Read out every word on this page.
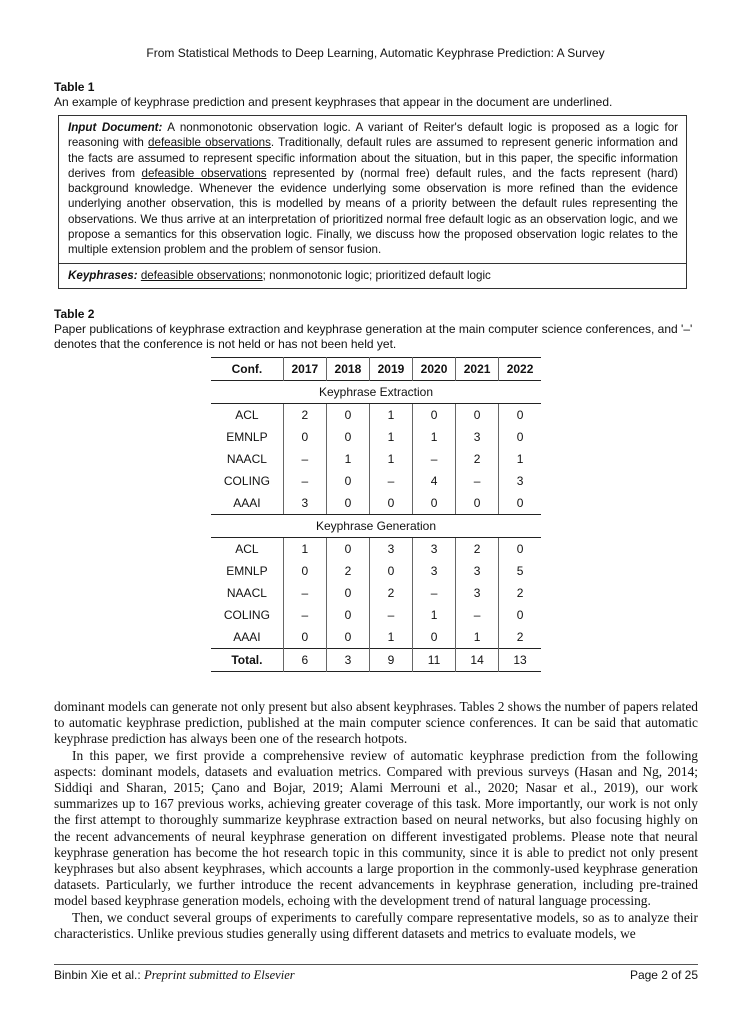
From Statistical Methods to Deep Learning, Automatic Keyphrase Prediction: A Survey
Table 1
An example of keyphrase prediction and present keyphrases that appear in the document are underlined.
Input Document: A nonmonotonic observation logic. A variant of Reiter's default logic is proposed as a logic for reasoning with defeasible observations. Traditionally, default rules are assumed to represent generic information and the facts are assumed to represent specific information about the situation, but in this paper, the specific information derives from defeasible observations represented by (normal free) default rules, and the facts represent (hard) background knowledge. Whenever the evidence underlying some observation is more refined than the evidence underlying another observation, this is modelled by means of a priority between the default rules representing the observations. We thus arrive at an interpretation of prioritized normal free default logic as an observation logic, and we propose a semantics for this observation logic. Finally, we discuss how the proposed observation logic relates to the multiple extension problem and the problem of sensor fusion.
Keyphrases: defeasible observations; nonmonotonic logic; prioritized default logic
Table 2
Paper publications of keyphrase extraction and keyphrase generation at the main computer science conferences, and '–' denotes that the conference is not held or has not been held yet.
Conf.	2017	2018	2019	2020	2021	2022
Keyphrase Extraction						
ACL	2	0	1	0	0	0
EMNLP	0	0	1	1	3	0
NAACL	–	1	1	–	2	1
COLING	–	0	–	4	–	3
AAAI	3	0	0	0	0	0
Keyphrase Generation						
ACL	1	0	3	3	2	0
EMNLP	0	2	0	3	3	5
NAACL	–	0	2	–	3	2
COLING	–	0	–	1	–	0
AAAI	0	0	1	0	1	2
Total.	6	3	9	11	14	13

dominant models can generate not only present but also absent keyphrases. Tables 2 shows the number of papers related to automatic keyphrase prediction, published at the main computer science conferences. It can be said that automatic keyphrase prediction has always been one of the research hotpots.

In this paper, we first provide a comprehensive review of automatic keyphrase prediction from the following aspects: dominant models, datasets and evaluation metrics. Compared with previous surveys (Hasan and Ng, 2014; Siddiqi and Sharan, 2015; Çano and Bojar, 2019; Alami Merrouni et al., 2020; Nasar et al., 2019), our work summarizes up to 167 previous works, achieving greater coverage of this task. More importantly, our work is not only the first attempt to thoroughly summarize keyphrase extraction based on neural networks, but also focusing highly on the recent advancements of neural keyphrase generation on different investigated problems. Please note that neural keyphrase generation has become the hot research topic in this community, since it is able to predict not only present keyphrases but also absent keyphrases, which accounts a large proportion in the commonly-used keyphrase generation datasets. Particularly, we further introduce the recent advancements in keyphrase generation, including pre-trained model based keyphrase generation models, echoing with the development trend of natural language processing.

Then, we conduct several groups of experiments to carefully compare representative models, so as to analyze their characteristics. Unlike previous studies generally using different datasets and metrics to evaluate models, we

Binbin Xie et al.: Preprint submitted to Elsevier	Page 2 of 25
